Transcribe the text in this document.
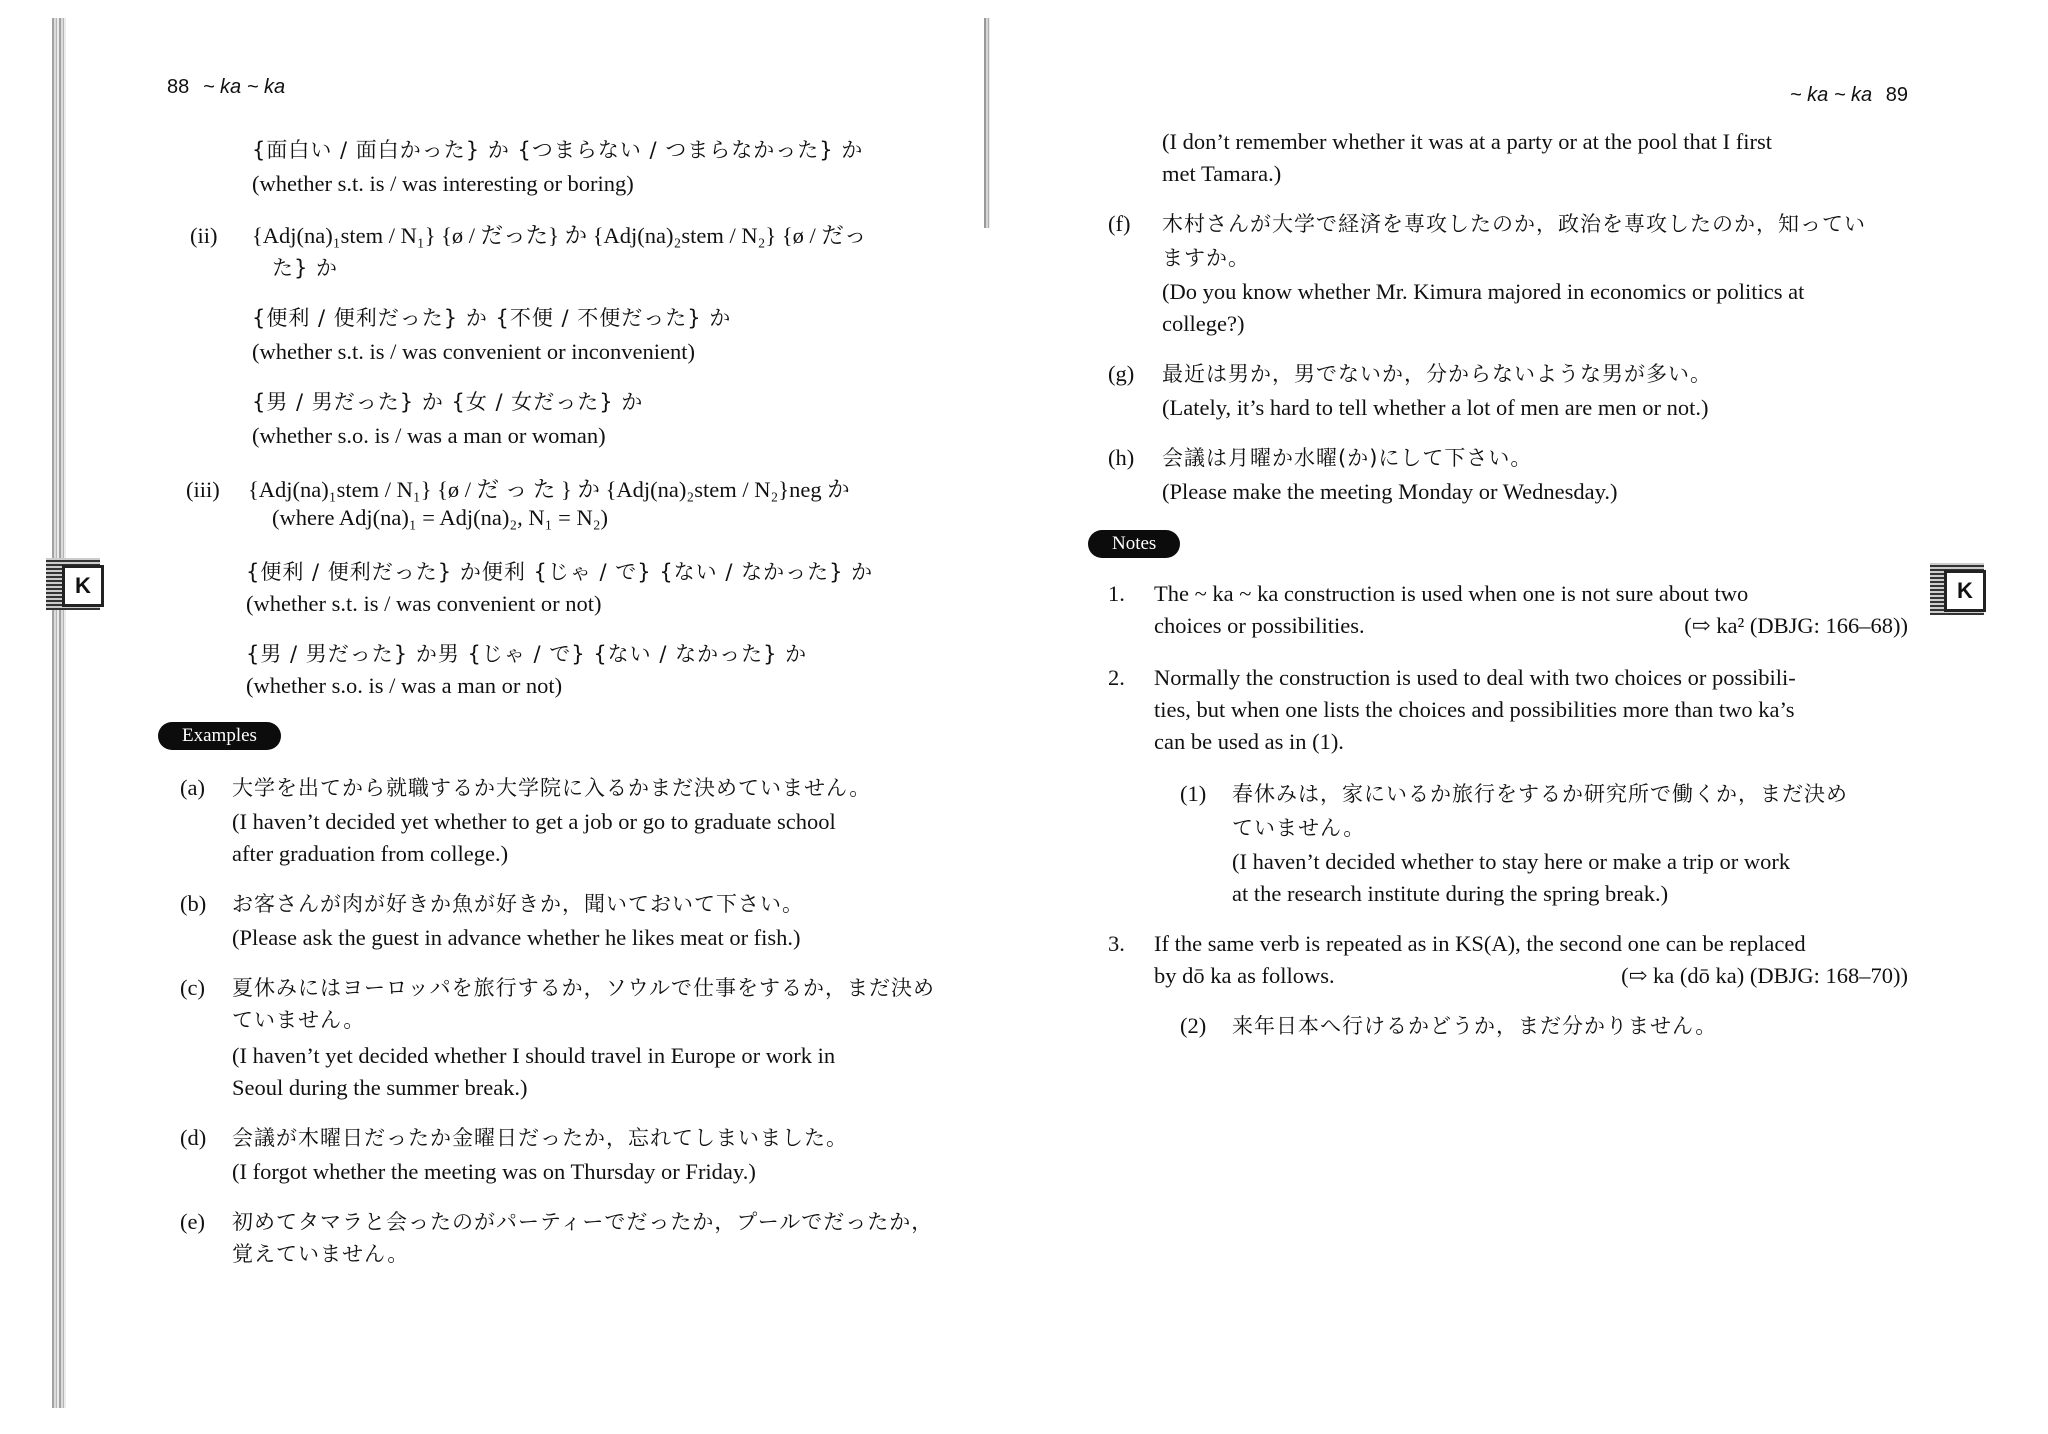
K
88 ~ ka ~ ka
{面白い / 面白かった} か {つまらない / つまらなかった} か
(whether s.t. is / was interesting or boring)
(ii) {Adj(na)₁stem / N₁} {ø / だった} か {Adj(na)₂stem / N₂} {ø / だっ
た} か
{便利 / 便利だった} か {不便 / 不便だった} か
(whether s.t. is / was convenient or inconvenient)
{男 / 男だった} か {女 / 女だった} か
(whether s.o. is / was a man or woman)
(iii) {Adj(na)₁stem / N₁} {ø / だ っ た } か {Adj(na)₂stem / N₂}neg か
(where Adj(na)₁ = Adj(na)₂, N₁ = N₂)
{便利 / 便利だった} か便利 {じゃ / で} {ない / なかった} か
(whether s.t. is / was convenient or not)
{男 / 男だった} か男 {じゃ / で} {ない / なかった} か
(whether s.o. is / was a man or not)
Examples
(a) 大学を出てから就職するか大学院に入るかまだ決めていません。
(I haven’t decided yet whether to get a job or go to graduate school
after graduation from college.)
(b) お客さんが肉が好きか魚が好きか，聞いておいて下さい。
(Please ask the guest in advance whether he likes meat or fish.)
(c) 夏休みにはヨーロッパを旅行するか，ソウルで仕事をするか，まだ決め
ていません。
(I haven’t yet decided whether I should travel in Europe or work in
Seoul during the summer break.)
(d) 会議が木曜日だったか金曜日だったか，忘れてしまいました。
(I forgot whether the meeting was on Thursday or Friday.)
(e) 初めてタマラと会ったのがパーティーでだったか，プールでだったか，
覚えていません。
K
~ ka ~ ka 89
(I don’t remember whether it was at a party or at the pool that I first
met Tamara.)
(f) 木村さんが大学で経済を専攻したのか，政治を専攻したのか，知ってい
ますか。
(Do you know whether Mr. Kimura majored in economics or politics at
college?)
(g) 最近は男か，男でないか，分からないような男が多い。
(Lately, it’s hard to tell whether a lot of men are men or not.)
(h) 会議は月曜か水曜(か)にして下さい。
(Please make the meeting Monday or Wednesday.)
Notes
1. The ~ ka ~ ka construction is used when one is not sure about two
choices or possibilities.	(⇨ ka² (DBJG: 166–68))
2. Normally the construction is used to deal with two choices or possibili-
ties, but when one lists the choices and possibilities more than two ka’s
can be used as in (1).
(1) 春休みは，家にいるか旅行をするか研究所で働くか，まだ決め
ていません。
(I haven’t decided whether to stay here or make a trip or work
at the research institute during the spring break.)
3. If the same verb is repeated as in KS(A), the second one can be replaced
by dō ka as follows.	(⇨ ka (dō ka) (DBJG: 168–70))
(2) 来年日本へ行けるかどうか，まだ分かりません。
